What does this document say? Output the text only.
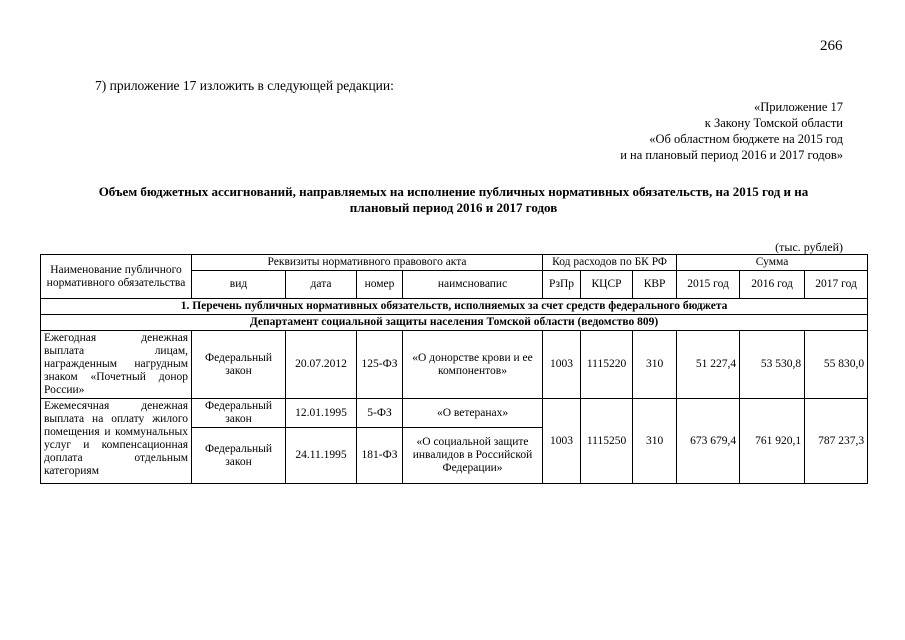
266
7) приложение 17 изложить в следующей редакции:
«Приложение 17
к Закону Томской области
«Об областном бюджете на 2015 год
и на плановый период 2016 и 2017 годов»
Объем бюджетных ассигнований, направляемых на исполнение публичных нормативных обязательств, на 2015 год и на
плановый период 2016 и 2017 годов
(тыс. рублей)
Наименование публичного нормативного обязательства	Реквизиты нормативного правового акта				Код расходов по БК РФ			Сумма		
	вид	дата	номер	наимсновапис	РзПр	КЦСР	КВР	2015 год	2016 год	2017 год
1. Перечень публичных нормативных обязательств, исполняемых за счет средств федерального бюджета										
Департамент социальной защиты населения Томской области (ведомство 809)										
Ежегодная денежная выплата лицам, награжденным нагрудным знаком «Почетный донор России»	Федеральный закон	20.07.2012	125-ФЗ	«О донорстве крови и ее компонентов»	1003	1115220	310	51 227,4	53 530,8	55 830,0
Ежемесячная денежная выплата на оплату жилого помещения и коммунальных услуг и компенсационная доплата отдельным категориям	Федеральный закон	12.01.1995	5-ФЗ	«О ветеранах»	1003	1115250	310	673 679,4	761 920,1	787 237,3
	Федеральный закон	24.11.1995	181-ФЗ	«О социальной защите инвалидов в Российской Федерации»						
